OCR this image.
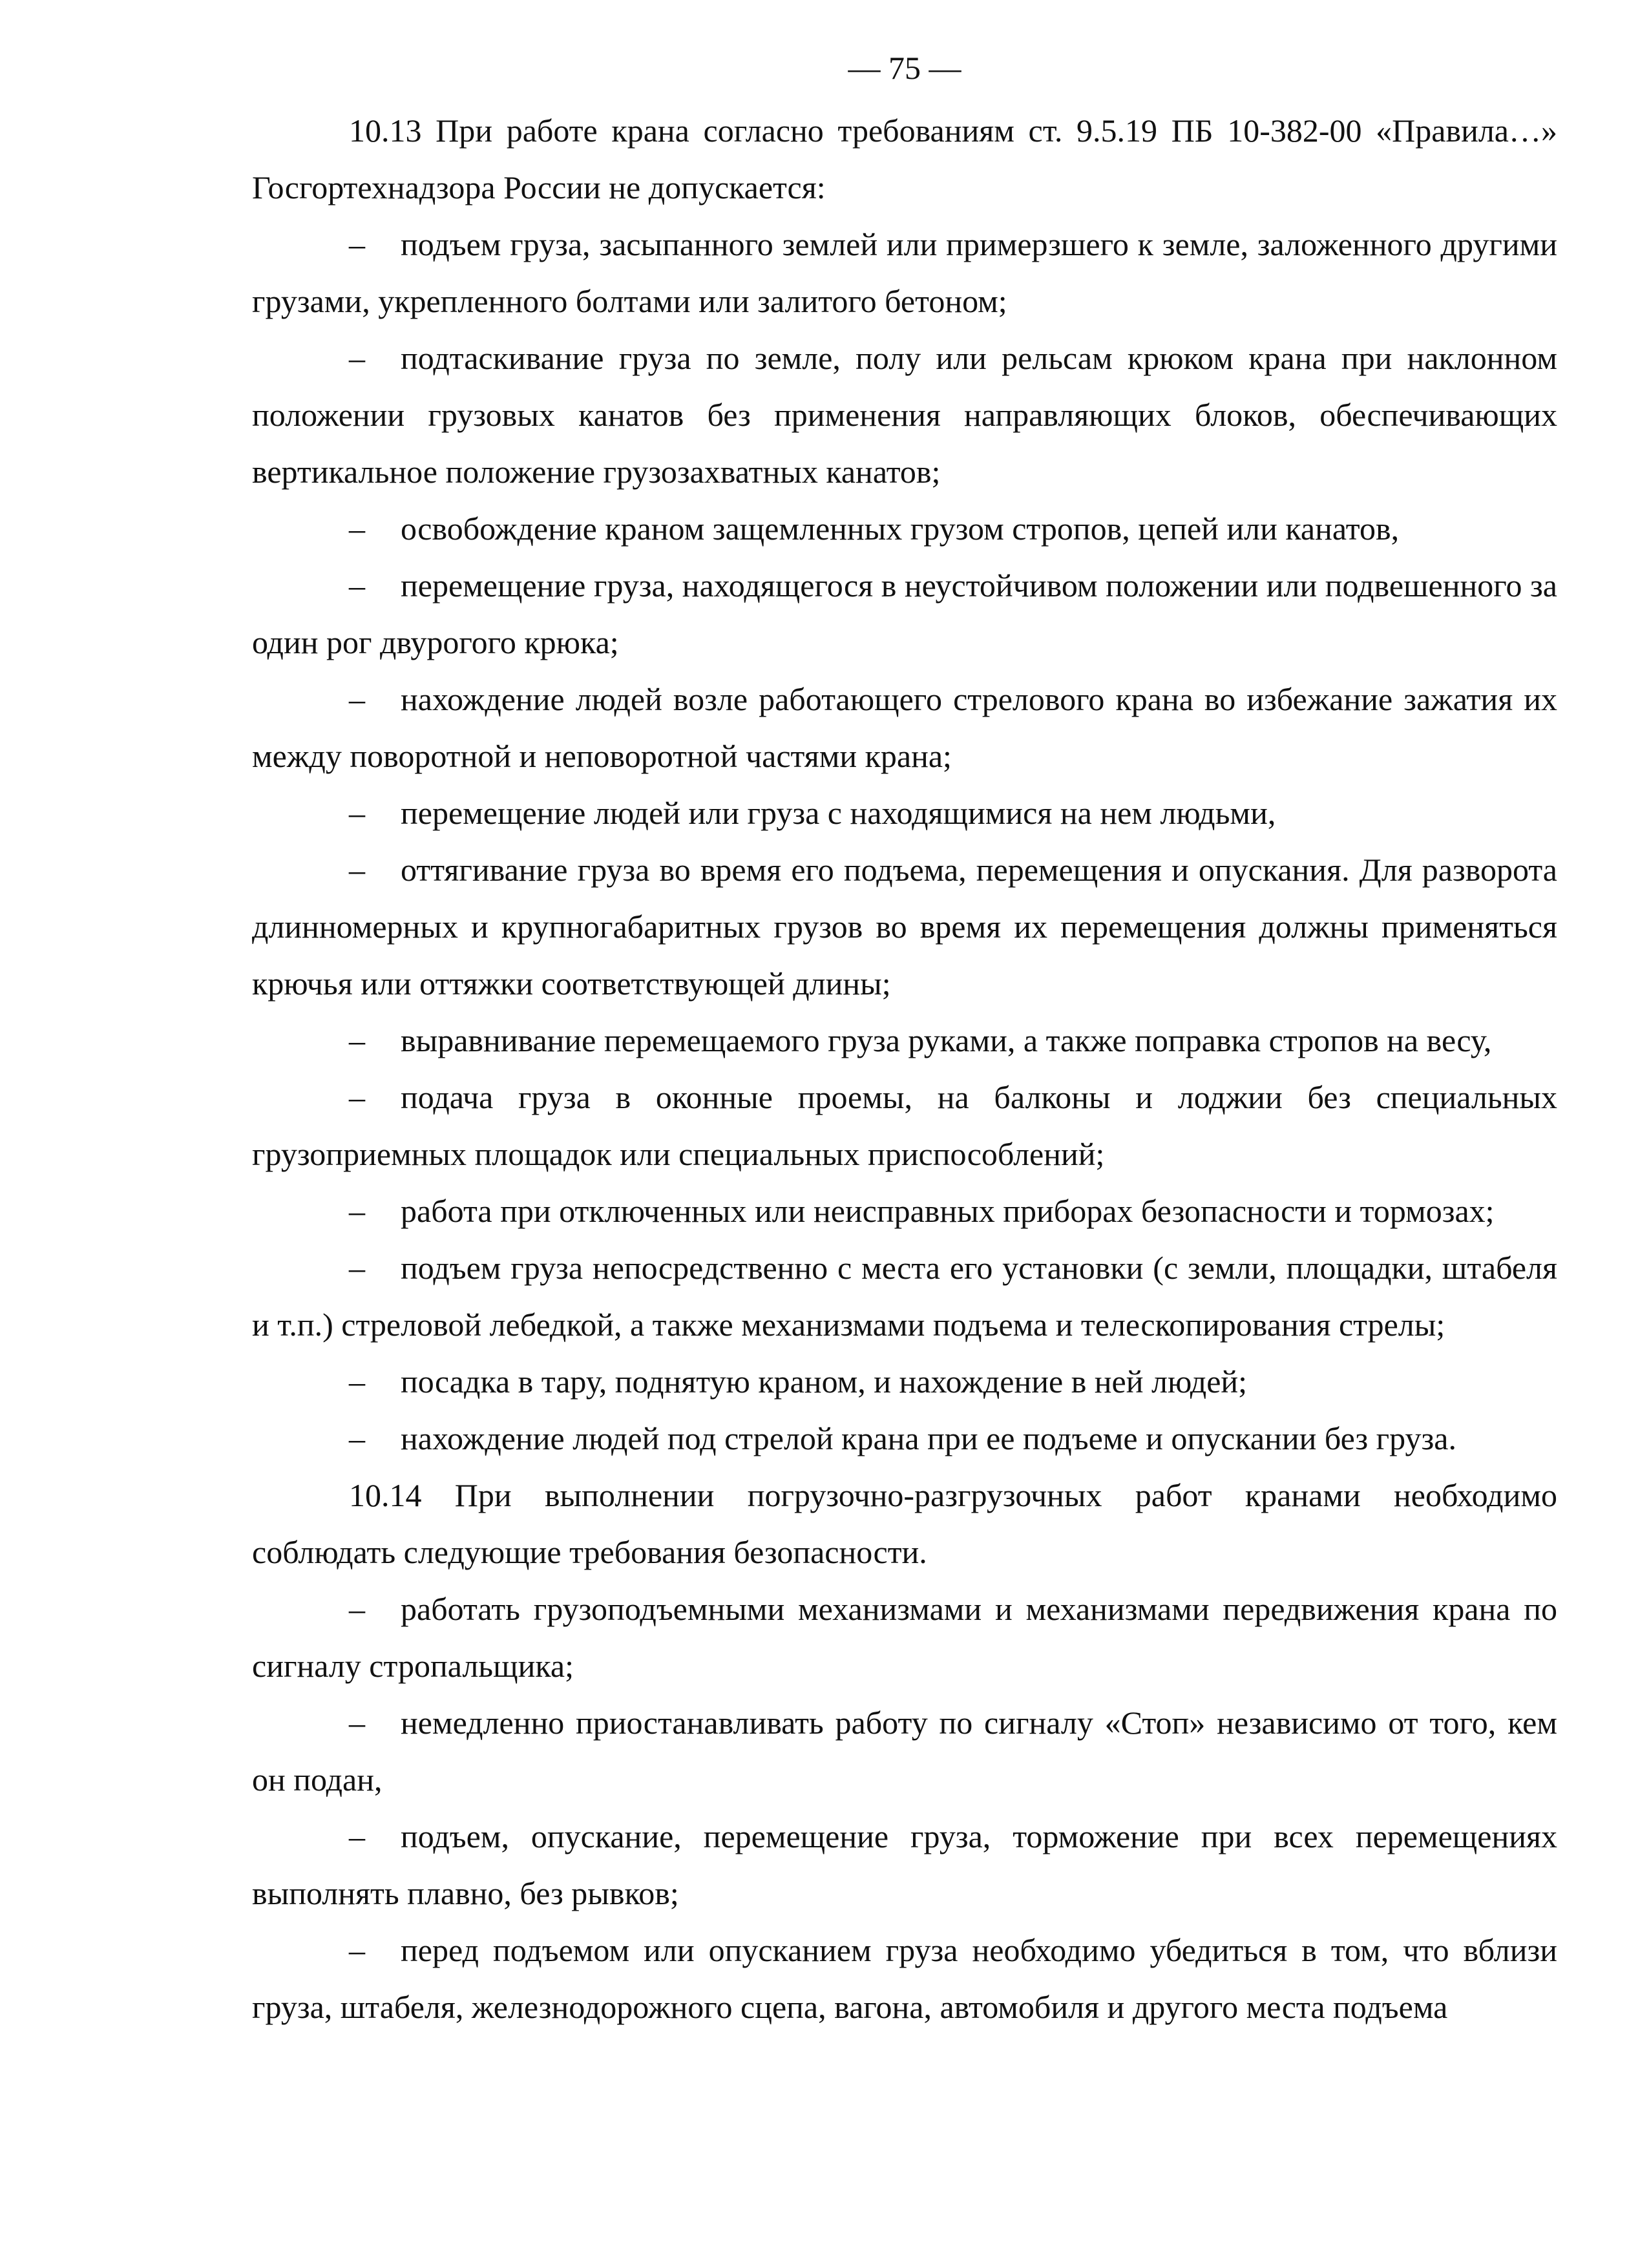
— 75 —

10.13 При работе крана согласно требованиям ст. 9.5.19 ПБ 10-382-00 «Правила…» Госгортехнадзора России не допускается:

– подъем груза, засыпанного землей или примерзшего к земле, заложенного другими грузами, укрепленного болтами или залитого бетоном;

– подтаскивание груза по земле, полу или рельсам крюком крана при наклонном положении грузовых канатов без применения направляющих блоков, обеспечивающих вертикальное положение грузозахватных канатов;

– освобождение краном защемленных грузом стропов, цепей или канатов,

– перемещение груза, находящегося в неустойчивом положении или подвешенного за один рог двурогого крюка;

– нахождение людей возле работающего стрелового крана во избежание зажатия их между поворотной и неповоротной частями крана;

– перемещение людей или груза с находящимися на нем людьми,

– оттягивание груза во время его подъема, перемещения и опускания. Для разворота длинномерных и крупногабаритных грузов во время их перемещения должны применяться крючья или оттяжки соответствующей длины;

– выравнивание перемещаемого груза руками, а также поправка стропов на весу,

– подача груза в оконные проемы, на балконы и лоджии без специальных грузоприемных площадок или специальных приспособлений;

– работа при отключенных или неисправных приборах безопасности и тормозах;

– подъем груза непосредственно с места его установки (с земли, площадки, штабеля и т.п.) стреловой лебедкой, а также механизмами подъема и телескопирования стрелы;

– посадка в тару, поднятую краном, и нахождение в ней людей;

– нахождение людей под стрелой крана при ее подъеме и опускании без груза.

10.14 При выполнении погрузочно-разгрузочных работ кранами необходимо соблюдать следующие требования безопасности.

– работать грузоподъемными механизмами и механизмами передвижения крана по сигналу стропальщика;

– немедленно приостанавливать работу по сигналу «Стоп» независимо от того, кем он подан,

– подъем, опускание, перемещение груза, торможение при всех перемещениях выполнять плавно, без рывков;

– перед подъемом или опусканием груза необходимо убедиться в том, что вблизи груза, штабеля, железнодорожного сцепа, вагона, автомобиля и другого места подъема
